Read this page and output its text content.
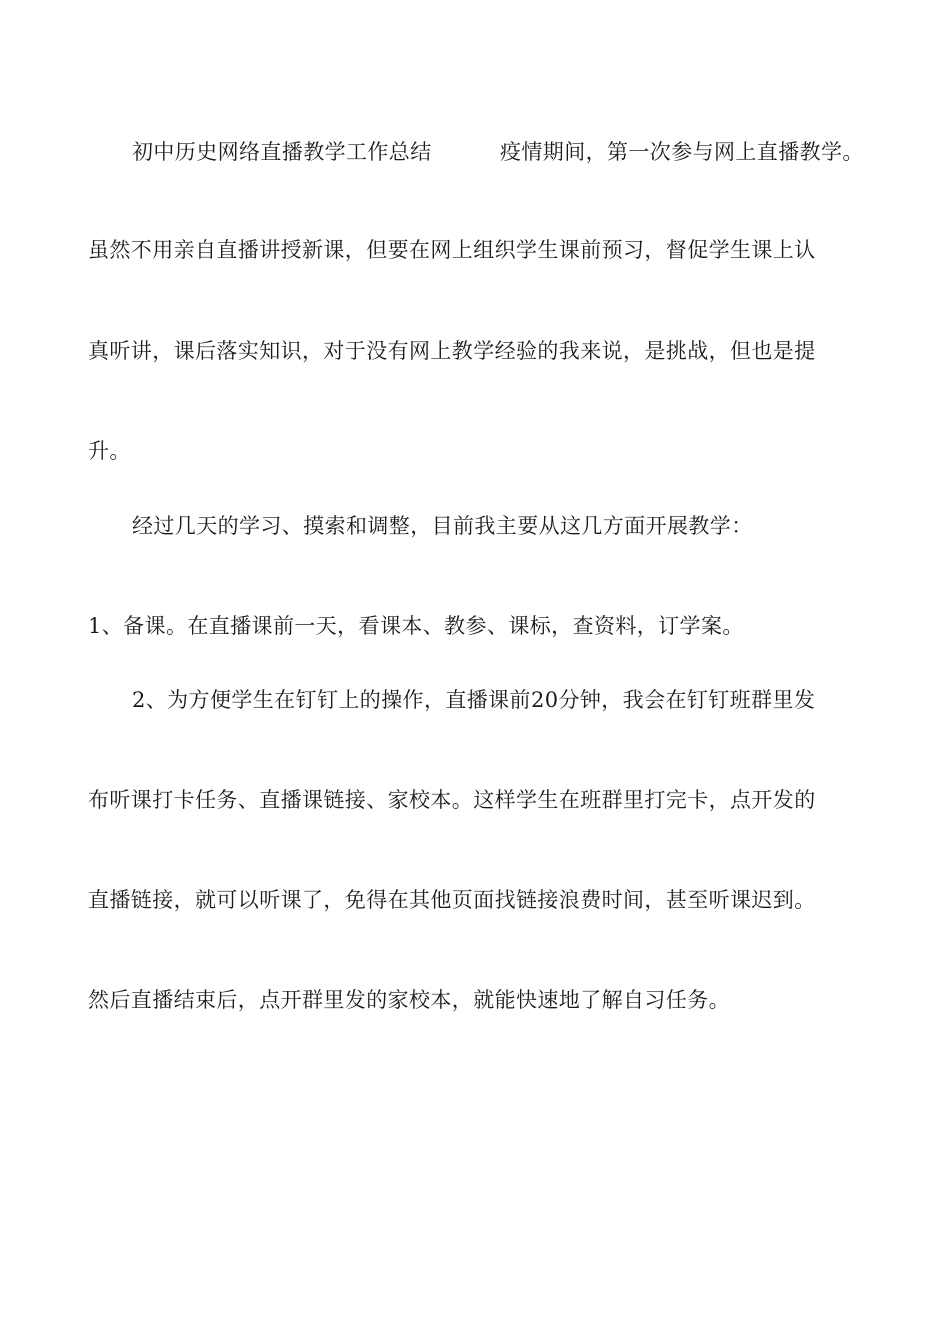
初中历史网络直播教学工作总结	疫情期间，第一次参与网上直播教学。
虽然不用亲自直播讲授新课，但要在网上组织学生课前预习，督促学生课上认
真听讲，课后落实知识，对于没有网上教学经验的我来说，是挑战，但也是提
升。
经过几天的学习、摸索和调整，目前我主要从这几方面开展教学：
1、备课。在直播课前一天，看课本、教参、课标，查资料，订学案。
2、为方便学生在钉钉上的操作，直播课前20分钟，我会在钉钉班群里发
布听课打卡任务、直播课链接、家校本。这样学生在班群里打完卡，点开发的
直播链接，就可以听课了，免得在其他页面找链接浪费时间，甚至听课迟到。
然后直播结束后，点开群里发的家校本，就能快速地了解自习任务。
